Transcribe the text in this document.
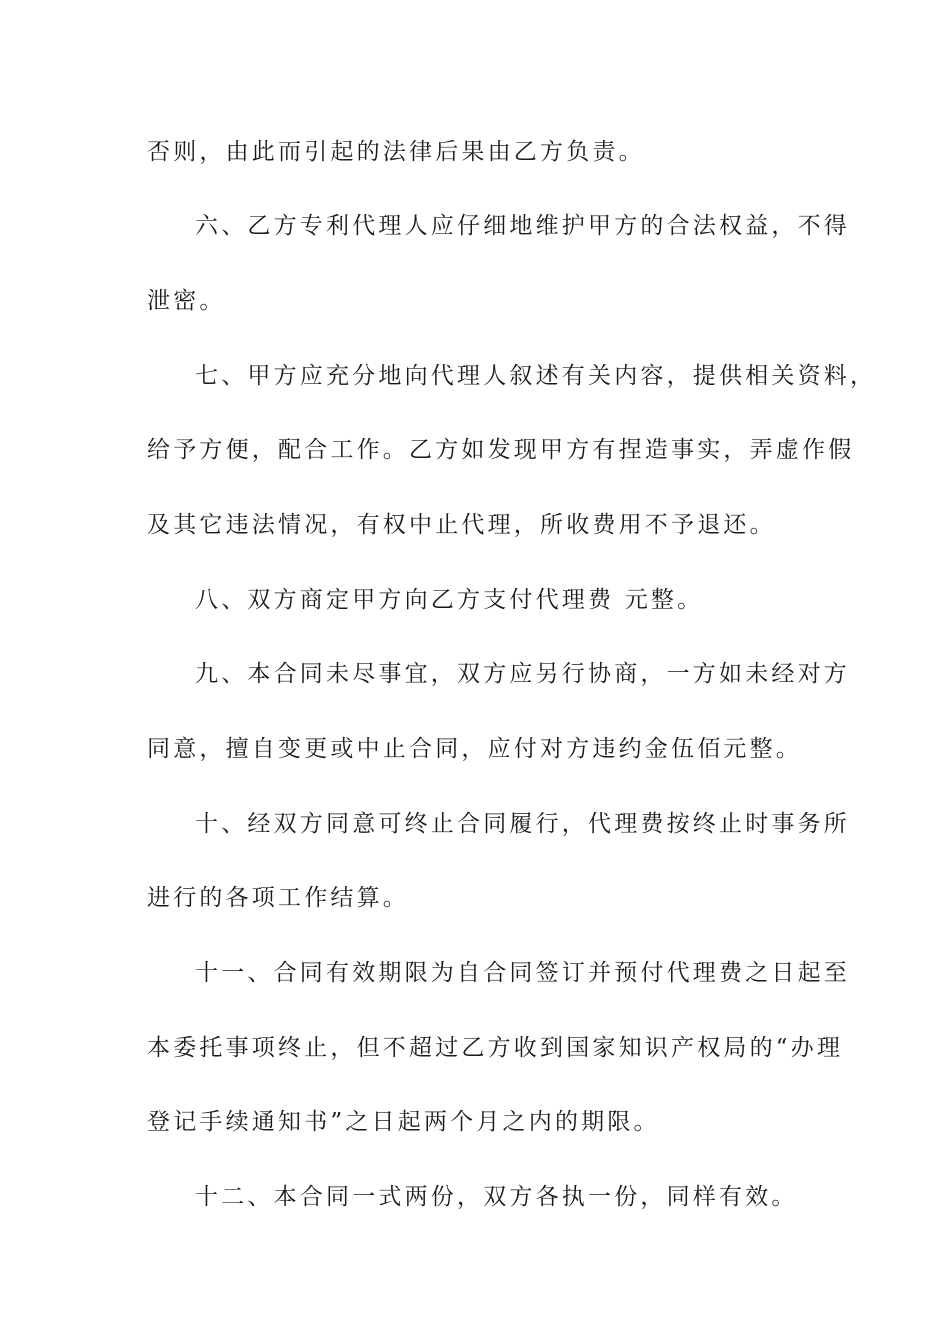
否则，由此而引起的法律后果由乙方负责。
六、乙方专利代理人应仔细地维护甲方的合法权益，不得
泄密。
七、甲方应充分地向代理人叙述有关内容，提供相关资料，
给予方便，配合工作。乙方如发现甲方有捏造事实，弄虚作假
及其它违法情况，有权中止代理，所收费用不予退还。
八、双方商定甲方向乙方支付代理费 元整。
九、本合同未尽事宜，双方应另行协商，一方如未经对方
同意，擅自变更或中止合同，应付对方违约金伍佰元整。
十、经双方同意可终止合同履行，代理费按终止时事务所
进行的各项工作结算。
十一、合同有效期限为自合同签订并预付代理费之日起至
本委托事项终止，但不超过乙方收到国家知识产权局的“办理
登记手续通知书”之日起两个月之内的期限。
十二、本合同一式两份，双方各执一份，同样有效。
